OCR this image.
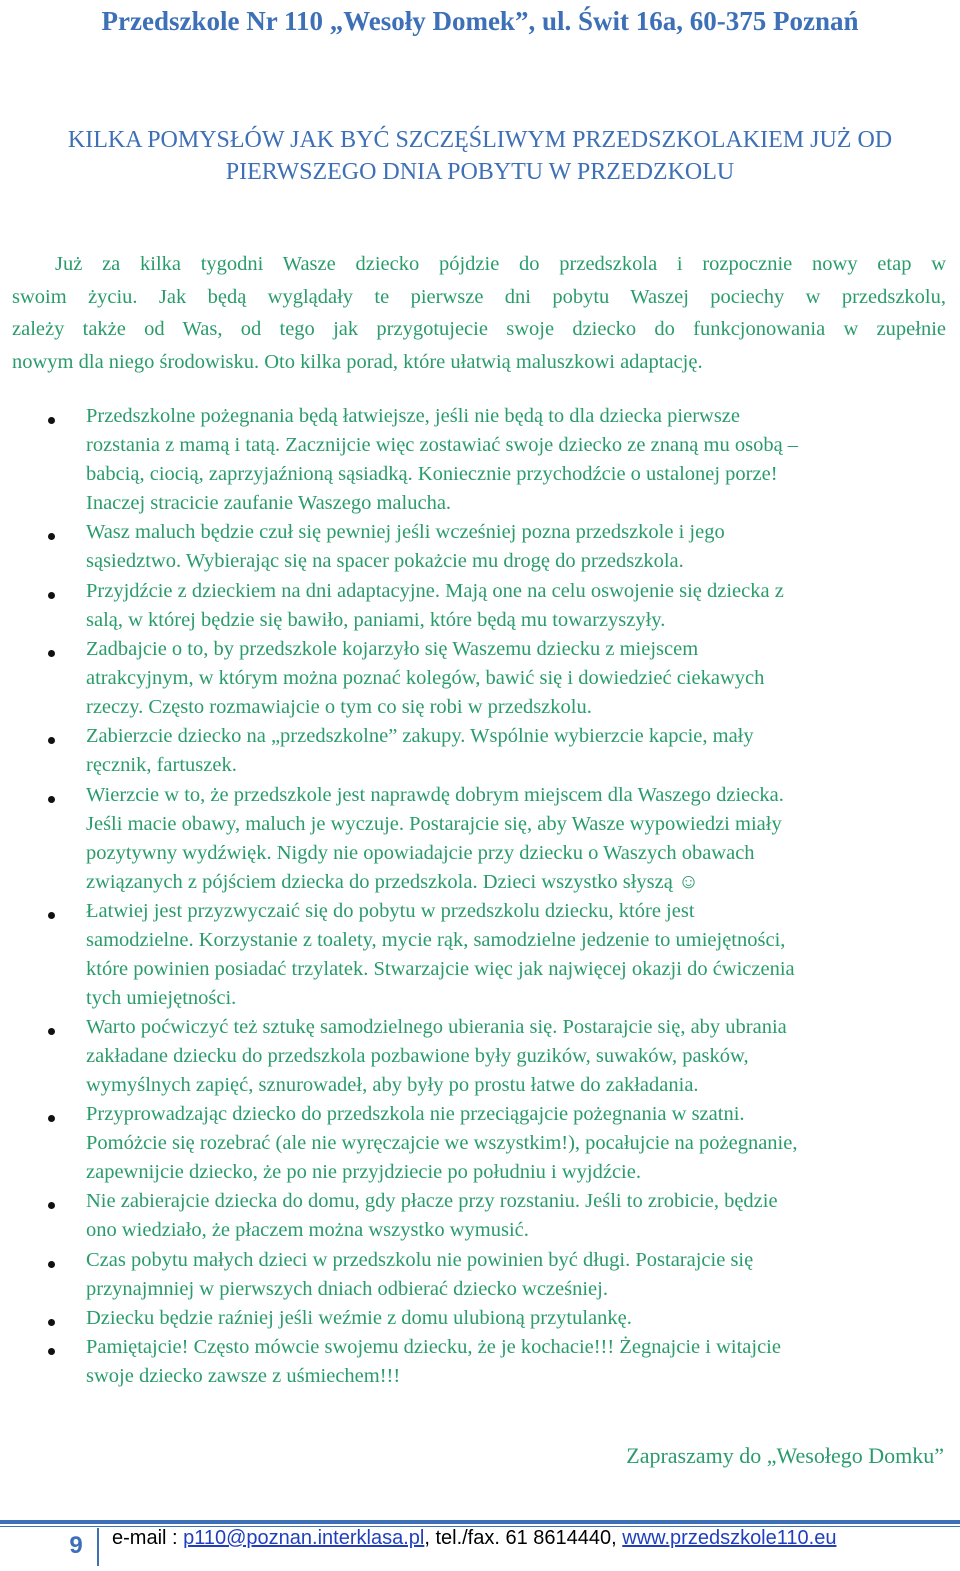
Przedszkole Nr 110 „Wesoły Domek”, ul. Świt 16a, 60-375 Poznań
KILKA POMYSŁÓW JAK BYĆ SZCZĘŚLIWYM PRZEDSZKOLAKIEM JUŻ OD
PIERWSZEGO DNIA POBYTU W PRZEDZKOLU
Już za kilka tygodni Wasze dziecko pójdzie do przedszkola i rozpocznie nowy etap w
swoim życiu. Jak będą wyglądały te pierwsze dni pobytu Waszej pociechy w przedszkolu,
zależy także od Was, od tego jak przygotujecie swoje dziecko do funkcjonowania w zupełnie
nowym dla niego środowisku. Oto kilka porad, które ułatwią maluszkowi adaptację.
Przedszkolne pożegnania będą łatwiejsze, jeśli nie będą to dla dziecka pierwsze
rozstania z mamą i tatą. Zacznijcie więc zostawiać swoje dziecko ze znaną mu osobą –
babcią, ciocią, zaprzyjaźnioną sąsiadką. Koniecznie przychodźcie o ustalonej porze!
Inaczej stracicie zaufanie Waszego malucha.
Wasz maluch będzie czuł się pewniej jeśli wcześniej pozna przedszkole i jego
sąsiedztwo. Wybierając się na spacer pokażcie mu drogę do przedszkola.
Przyjdźcie z dzieckiem na dni adaptacyjne. Mają one na celu oswojenie się dziecka z
salą, w której będzie się bawiło, paniami, które będą mu towarzyszyły.
Zadbajcie o to, by przedszkole kojarzyło się Waszemu dziecku z miejscem
atrakcyjnym, w którym można poznać kolegów, bawić się i dowiedzieć ciekawych
rzeczy. Często rozmawiajcie o tym co się robi w przedszkolu.
Zabierzcie dziecko na „przedszkolne” zakupy. Wspólnie wybierzcie kapcie, mały
ręcznik, fartuszek.
Wierzcie w to, że przedszkole jest naprawdę dobrym miejscem dla Waszego dziecka.
Jeśli macie obawy, maluch je wyczuje. Postarajcie się, aby Wasze wypowiedzi miały
pozytywny wydźwięk. Nigdy nie opowiadajcie przy dziecku o Waszych obawach
związanych z pójściem dziecka do przedszkola. Dzieci wszystko słyszą ☺
Łatwiej jest przyzwyczaić się do pobytu w przedszkolu dziecku, które jest
samodzielne. Korzystanie z toalety, mycie rąk, samodzielne jedzenie to umiejętności,
które powinien posiadać trzylatek. Stwarzajcie więc jak najwięcej okazji do ćwiczenia
tych umiejętności.
Warto poćwiczyć też sztukę samodzielnego ubierania się. Postarajcie się, aby ubrania
zakładane dziecku do przedszkola pozbawione były guzików, suwaków, pasków,
wymyślnych zapięć, sznurowadeł, aby były po prostu łatwe do zakładania.
Przyprowadzając dziecko do przedszkola nie przeciągajcie pożegnania w szatni.
Pomóżcie się rozebrać (ale nie wyręczajcie we wszystkim!), pocałujcie na pożegnanie,
zapewnijcie dziecko, że po nie przyjdziecie po południu i wyjdźcie.
Nie zabierajcie dziecka do domu, gdy płacze przy rozstaniu. Jeśli to zrobicie, będzie
ono wiedziało, że płaczem można wszystko wymusić.
Czas pobytu małych dzieci w przedszkolu nie powinien być długi. Postarajcie się
przynajmniej w pierwszych dniach odbierać dziecko wcześniej.
Dziecku będzie raźniej jeśli weźmie z domu ulubioną przytulankę.
Pamiętajcie! Często mówcie swojemu dziecku, że je kochacie!!! Żegnajcie i witajcie
swoje dziecko zawsze z uśmiechem!!!
Zapraszamy do „Wesołego Domku”
9	e-mail : p110@poznan.interklasa.pl, tel./fax. 61 8614440, www.przedszkole110.eu
